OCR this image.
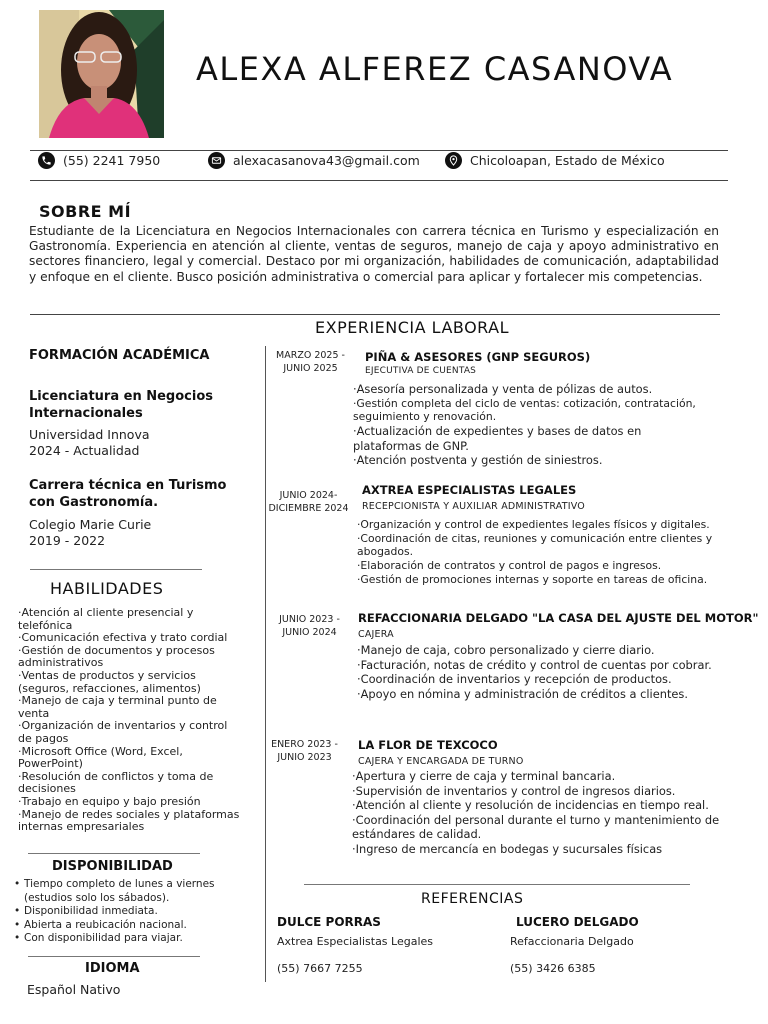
ALEXA ALFEREZ CASANOVA
(55) 2241 7950	alexacasanova43@gmail.com	Chicoloapan, Estado de México
SOBRE MÍ
Estudiante de la Licenciatura en Negocios Internacionales con carrera técnica en Turismo y especialización en Gastronomía. Experiencia en atención al cliente, ventas de seguros, manejo de caja y apoyo administrativo en sectores financiero, legal y comercial. Destaco por mi organización, habilidades de comunicación, adaptabilidad y enfoque en el cliente. Busco posición administrativa o comercial para aplicar y fortalecer mis competencias.
EXPERIENCIA LABORAL
FORMACIÓN ACADÉMICA
Licenciatura en Negocios Internacionales
Universidad Innova
2024 - Actualidad
Carrera técnica en Turismo con Gastronomía.
Colegio Marie Curie
2019 - 2022
HABILIDADES
·Atención al cliente presencial y telefónica
·Comunicación efectiva y trato cordial
·Gestión de documentos y procesos administrativos
·Ventas de productos y servicios (seguros, refacciones, alimentos)
·Manejo de caja y terminal punto de venta
·Organización de inventarios y control de pagos
·Microsoft Office (Word, Excel, PowerPoint)
·Resolución de conflictos y toma de decisiones
·Trabajo en equipo y bajo presión
·Manejo de redes sociales y plataformas internas empresariales
DISPONIBILIDAD
• Tiempo completo de lunes a viernes (estudios solo los sábados).
• Disponibilidad inmediata.
• Abierta a reubicación nacional.
• Con disponibilidad para viajar.
IDIOMA
Español Nativo
MARZO 2025 - JUNIO 2025
PIÑA & ASESORES (GNP SEGUROS)
EJECUTIVA DE CUENTAS
·Asesoría personalizada y venta de pólizas de autos.
·Gestión completa del ciclo de ventas: cotización, contratación, seguimiento y renovación.
·Actualización de expedientes y bases de datos en plataformas de GNP.
·Atención postventa y gestión de siniestros.
JUNIO 2024- DICIEMBRE 2024
AXTREA ESPECIALISTAS LEGALES
RECEPCIONISTA Y AUXILIAR ADMINISTRATIVO
·Organización y control de expedientes legales físicos y digitales.
·Coordinación de citas, reuniones y comunicación entre clientes y abogados.
·Elaboración de contratos y control de pagos e ingresos.
·Gestión de promociones internas y soporte en tareas de oficina.
JUNIO 2023 - JUNIO 2024
REFACCIONARIA DELGADO "LA CASA DEL AJUSTE DEL MOTOR"
CAJERA
·Manejo de caja, cobro personalizado y cierre diario.
·Facturación, notas de crédito y control de cuentas por cobrar.
·Coordinación de inventarios y recepción de productos.
·Apoyo en nómina y administración de créditos a clientes.
ENERO 2023 - JUNIO 2023
LA FLOR DE TEXCOCO
CAJERA Y ENCARGADA DE TURNO
·Apertura y cierre de caja y terminal bancaria.
·Supervisión de inventarios y control de ingresos diarios.
·Atención al cliente y resolución de incidencias en tiempo real.
·Coordinación del personal durante el turno y mantenimiento de estándares de calidad.
·Ingreso de mercancía en bodegas y sucursales físicas
REFERENCIAS
DULCE PORRAS
Axtrea Especialistas Legales
(55) 7667 7255
LUCERO DELGADO
Refaccionaria Delgado
(55) 3426 6385
